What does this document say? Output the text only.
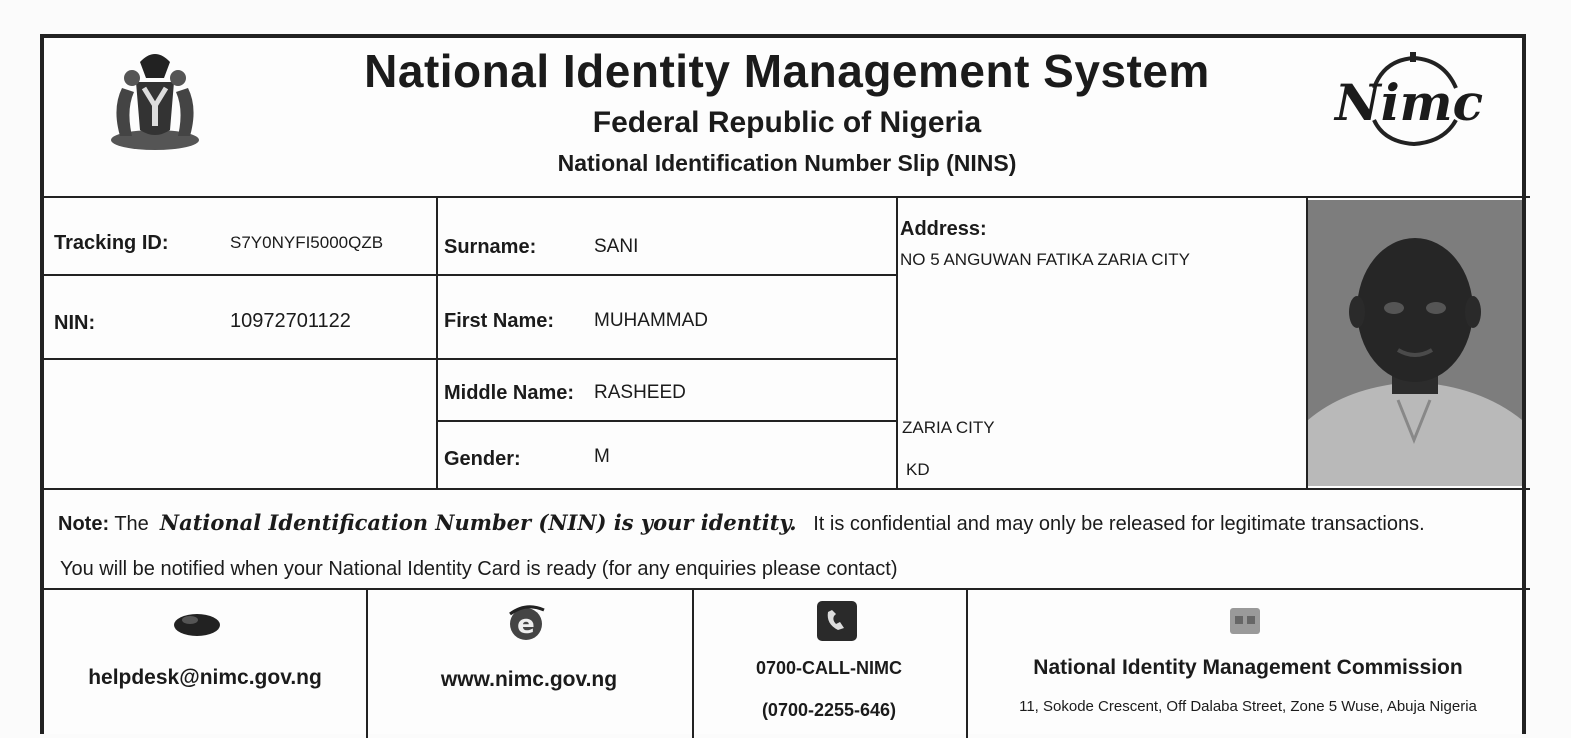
National Identity Management System
Federal Republic of Nigeria
National Identification Number Slip (NINS)
Nimc
Tracking ID:	S7Y0NYFI5000QZB
NIN:	10972701122
Surname:	SANI
First Name: MUHAMMAD
Middle Name: RASHEED
Gender:	M
Address:
NO 5 ANGUWAN FATIKA ZARIA CITY
ZARIA CITY
KD
Note: The National Identification Number (NIN) is your identity. It is confidential and may only be released for legitimate transactions.
You will be notified when your National Identity Card is ready (for any enquiries please contact)
helpdesk@nimc.gov.ng
e
www.nimc.gov.ng	0700-CALL-NIMC
(0700-2255-646)
National Identity Management Commission
11, Sokode Crescent, Off Dalaba Street, Zone 5 Wuse, Abuja Nigeria
